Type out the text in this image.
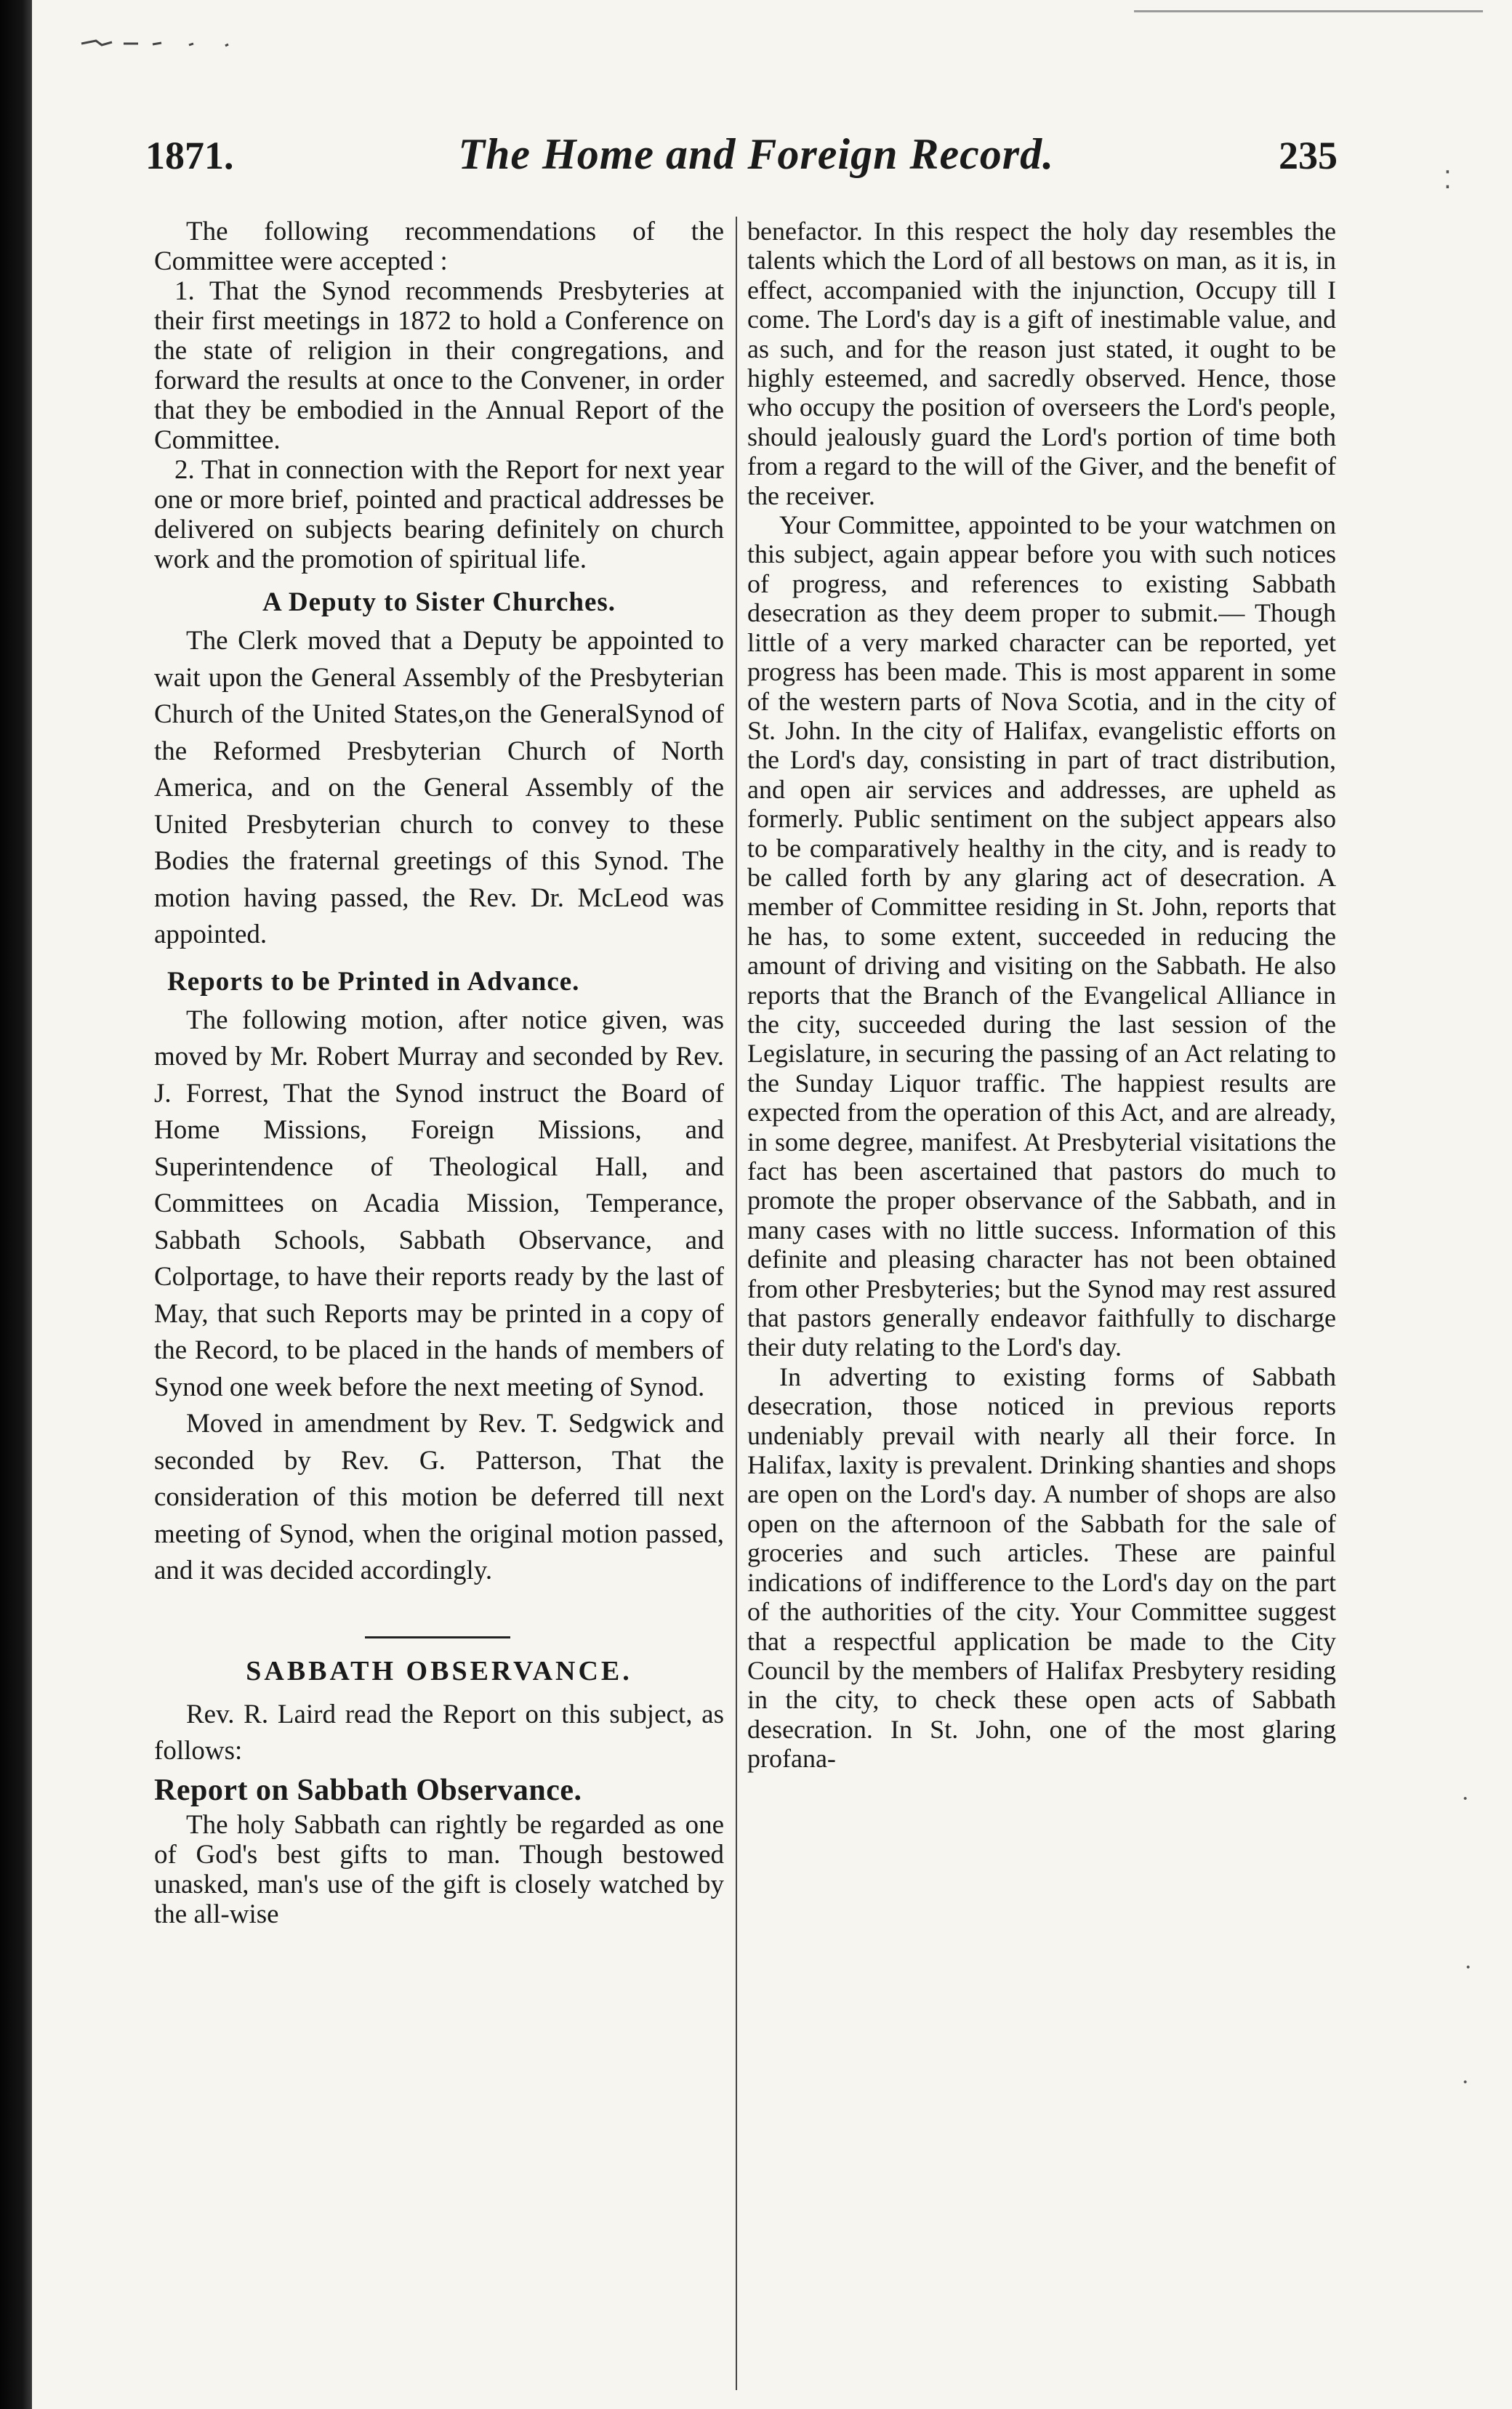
⁚
·
·
·
1871.	The Home and Foreign Record.	235

The following recommendations of the Committee were accepted :

1. That the Synod recommends Presbyteries at their first meetings in 1872 to hold a Conference on the state of religion in their congregations, and forward the results at once to the Convener, in order that they be embodied in the Annual Report of the Committee.

2. That in connection with the Report for next year one or more brief, pointed and practical addresses be delivered on subjects bearing definitely on church work and the promotion of spiritual life.

A Deputy to Sister Churches.

The Clerk moved that a Deputy be appointed to wait upon the General Assembly of the Presbyterian Church of the United States,on the GeneralSynod of the Reformed Presbyterian Church of North America, and on the General Assembly of the United Presbyterian church to convey to these Bodies the fraternal greetings of this Synod. The motion having passed, the Rev. Dr. McLeod was appointed.

Reports to be Printed in Advance.

The following motion, after notice given, was moved by Mr. Robert Murray and seconded by Rev. J. Forrest, That the Synod instruct the Board of Home Missions, Foreign Missions, and Superintendence of Theological Hall, and Committees on Acadia Mission, Temperance, Sabbath Schools, Sabbath Observance, and Colportage, to have their reports ready by the last of May, that such Reports may be printed in a copy of the Record, to be placed in the hands of members of Synod one week before the next meeting of Synod.

Moved in amendment by Rev. T. Sedgwick and seconded by Rev. G. Patterson, That the consideration of this motion be deferred till next meeting of Synod, when the original motion passed, and it was decided accordingly.

SABBATH OBSERVANCE.

Rev. R. Laird read the Report on this subject, as follows:

Report on Sabbath Observance.

The holy Sabbath can rightly be regarded as one of God's best gifts to man. Though bestowed unasked, man's use of the gift is closely watched by the all-wise

benefactor. In this respect the holy day resembles the talents which the Lord of all bestows on man, as it is, in effect, accompanied with the injunction, Occupy till I come. The Lord's day is a gift of inestimable value, and as such, and for the reason just stated, it ought to be highly esteemed, and sacredly observed. Hence, those who occupy the position of overseers the Lord's people, should jealously guard the Lord's portion of time both from a regard to the will of the Giver, and the benefit of the receiver.

Your Committee, appointed to be your watchmen on this subject, again appear before you with such notices of progress, and references to existing Sabbath desecration as they deem proper to submit.— Though little of a very marked character can be reported, yet progress has been made. This is most apparent in some of the western parts of Nova Scotia, and in the city of St. John. In the city of Halifax, evangelistic efforts on the Lord's day, consisting in part of tract distribution, and open air services and addresses, are upheld as formerly. Public sentiment on the subject appears also to be comparatively healthy in the city, and is ready to be called forth by any glaring act of desecration. A member of Committee residing in St. John, reports that he has, to some extent, succeeded in reducing the amount of driving and visiting on the Sabbath. He also reports that the Branch of the Evangelical Alliance in the city, succeeded during the last session of the Legislature, in securing the passing of an Act relating to the Sunday Liquor traffic. The happiest results are expected from the operation of this Act, and are already, in some degree, manifest. At Presbyterial visitations the fact has been ascertained that pastors do much to promote the proper observance of the Sabbath, and in many cases with no little success. Information of this definite and pleasing character has not been obtained from other Presbyteries; but the Synod may rest assured that pastors generally endeavor faithfully to discharge their duty relating to the Lord's day.

In adverting to existing forms of Sabbath desecration, those noticed in previous reports undeniably prevail with nearly all their force. In Halifax, laxity is prevalent. Drinking shanties and shops are open on the Lord's day. A number of shops are also open on the afternoon of the Sabbath for the sale of groceries and such articles. These are painful indications of indifference to the Lord's day on the part of the authorities of the city. Your Committee suggest that a respectful application be made to the City Council by the members of Halifax Presbytery residing in the city, to check these open acts of Sabbath desecration. In St. John, one of the most glaring profana-
